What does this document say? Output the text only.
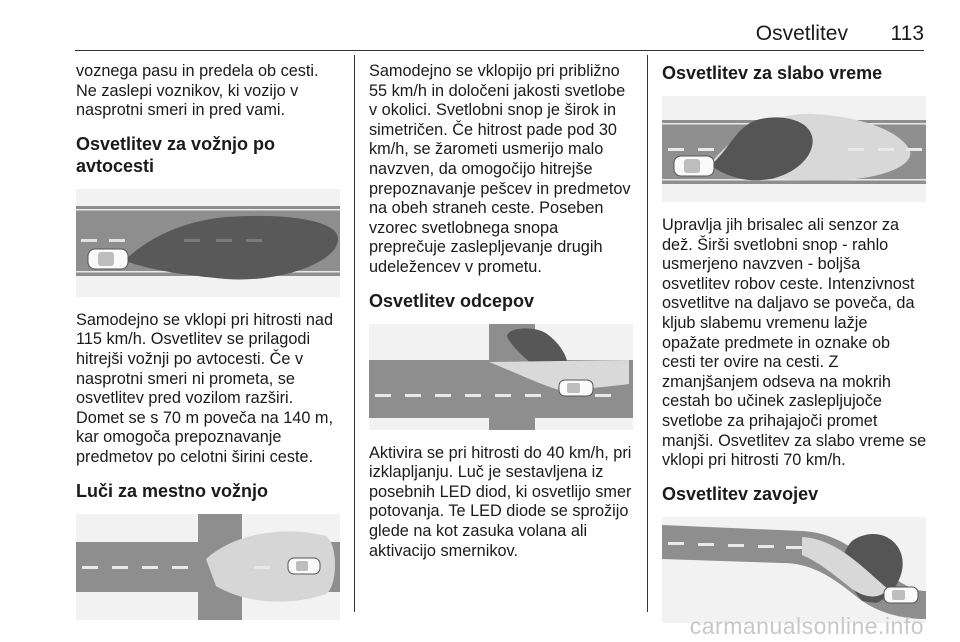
Osvetlitev 113

voznega pasu in predela ob cesti. Ne zaslepi voznikov, ki vozijo v nasprotni smeri in pred vami.

Osvetlitev za vožnjo po avtocesti

Samodejno se vklopi pri hitrosti nad 115 km/h. Osvetlitev se prilagodi hitrejši vožnji po avtocesti. Če v nasprotni smeri ni prometa, se osvetlitev pred vozilom razširi. Domet se s 70 m poveča na 140 m, kar omogoča prepoznavanje predmetov po celotni širini ceste.

Luči za mestno vožnjo

Samodejno se vklopijo pri približno 55 km/h in določeni jakosti svetlobe v okolici. Svetlobni snop je širok in simetričen. Če hitrost pade pod 30 km/h, se žarometi usmerijo malo navzven, da omogočijo hitrejše prepoznavanje pešcev in predmetov na obeh straneh ceste. Poseben vzorec svetlobnega snopa preprečuje zaslepljevanje drugih udeležencev v prometu.

Osvetlitev odcepov

Aktivira se pri hitrosti do 40 km/h, pri izklapljanju. Luč je sestavljena iz posebnih LED diod, ki osvetlijo smer potovanja. Te LED diode se sprožijo glede na kot zasuka volana ali aktivacijo smernikov.

Osvetlitev za slabo vreme

Upravlja jih brisalec ali senzor za dež. Širši svetlobni snop - rahlo usmerjeno navzven - boljša osvetlitev robov ceste. Intenzivnost osvetlitve na daljavo se poveča, da kljub slabemu vremenu lažje opažate predmete in oznake ob cesti ter ovire na cesti. Z zmanjšanjem odseva na mokrih cestah bo učinek zaslepljujoče svetlobe za prihajajoči promet manjši. Osvetlitev za slabo vreme se vklopi pri hitrosti 70 km/h.

Osvetlitev zavojev
carmanualsonline.info
